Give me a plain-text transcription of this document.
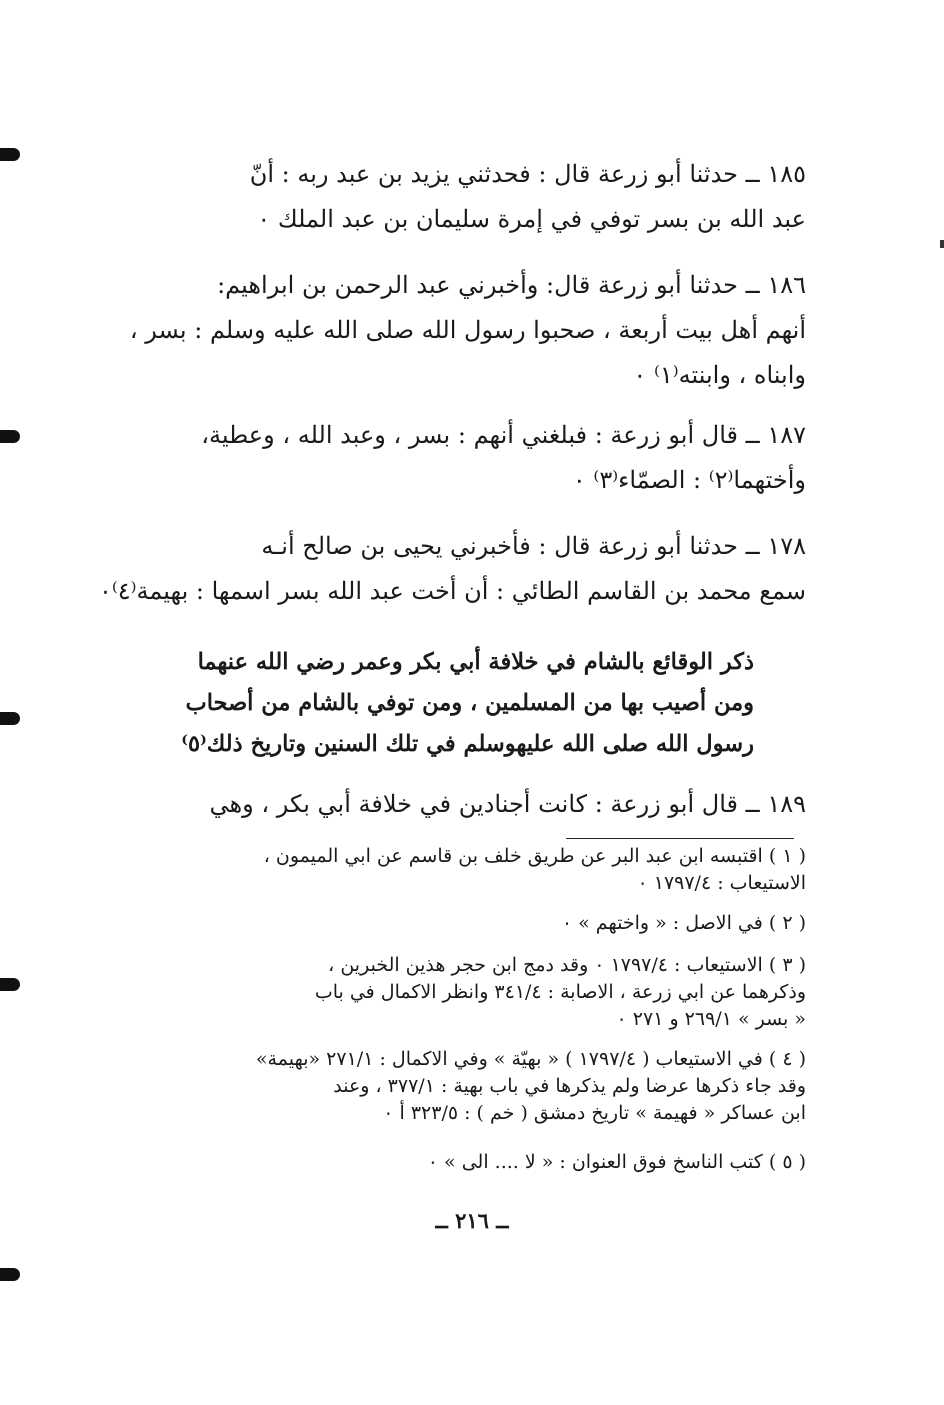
١٨٥ ــ حدثنا أبو زرعة قال : فحدثني يزيد بن عبد ربه : أنّ
عبد الله بن بسر توفي في إمرة سليمان بن عبد الملك ٠
١٨٦ ــ حدثنا أبو زرعة قال: وأخبرني عبد الرحمن بن ابراهيم:
أنهم أهل بيت أربعة ، صحبوا رسول الله صلى الله عليه وسلم : بسر ،
وابناه ، وابنته⁽١⁾ ٠
١٨٧ ــ قال أبو زرعة : فبلغني أنهم : بسر ، وعبد الله ، وعطية،
وأختهما⁽٢⁾ : الصمّاء⁽٣⁾ ٠
١٧٨ ــ حدثنا أبو زرعة قال : فأخبرني يحيى بن صالح أنـه
سمع محمد بن القاسم الطائي : أن أخت عبد الله بسر اسمها : بهيمة⁽٤⁾٠
ذكر الوقائع بالشام في خلافة أبي بكر وعمر رضي الله عنهما
ومن أصيب بها من المسلمين ، ومن توفي بالشام من أصحاب
رسول الله صلى الله عليهوسلم في تلك السنين وتاريخ ذلك⁽٥⁾
١٨٩ ــ قال أبو زرعة : كانت أجنادين في خلافة أبي بكر ، وهي
( ١ ) اقتبسه ابن عبد البر عن طريق خلف بن قاسم عن ابي الميمون ،
الاستيعاب : ١٧٩٧/٤ ٠
( ٢ ) في الاصل : « واختهم » ٠
( ٣ ) الاستيعاب : ١٧٩٧/٤ ٠ وقد دمج ابن حجر هذين الخبرين ،
وذكرهما عن ابي زرعة ، الاصابة : ٣٤١/٤ وانظر الاكمال في باب
« بسر » ٢٦٩/١ و ٢٧١ ٠
( ٤ ) في الاستيعاب ( ١٧٩٧/٤ ) « بهيّة » وفي الاكمال : ٢٧١/١ «بهيمة»
وقد جاء ذكرها عرضا ولم يذكرها في باب بهية : ٣٧٧/١ ، وعند
ابن عساكر « فهيمة » تاريخ دمشق ( خم ) : ٣٢٣/٥ أ ٠
( ٥ ) كتب الناسخ فوق العنوان : « لا .... الى » ٠
ــ ٢١٦ ــ
